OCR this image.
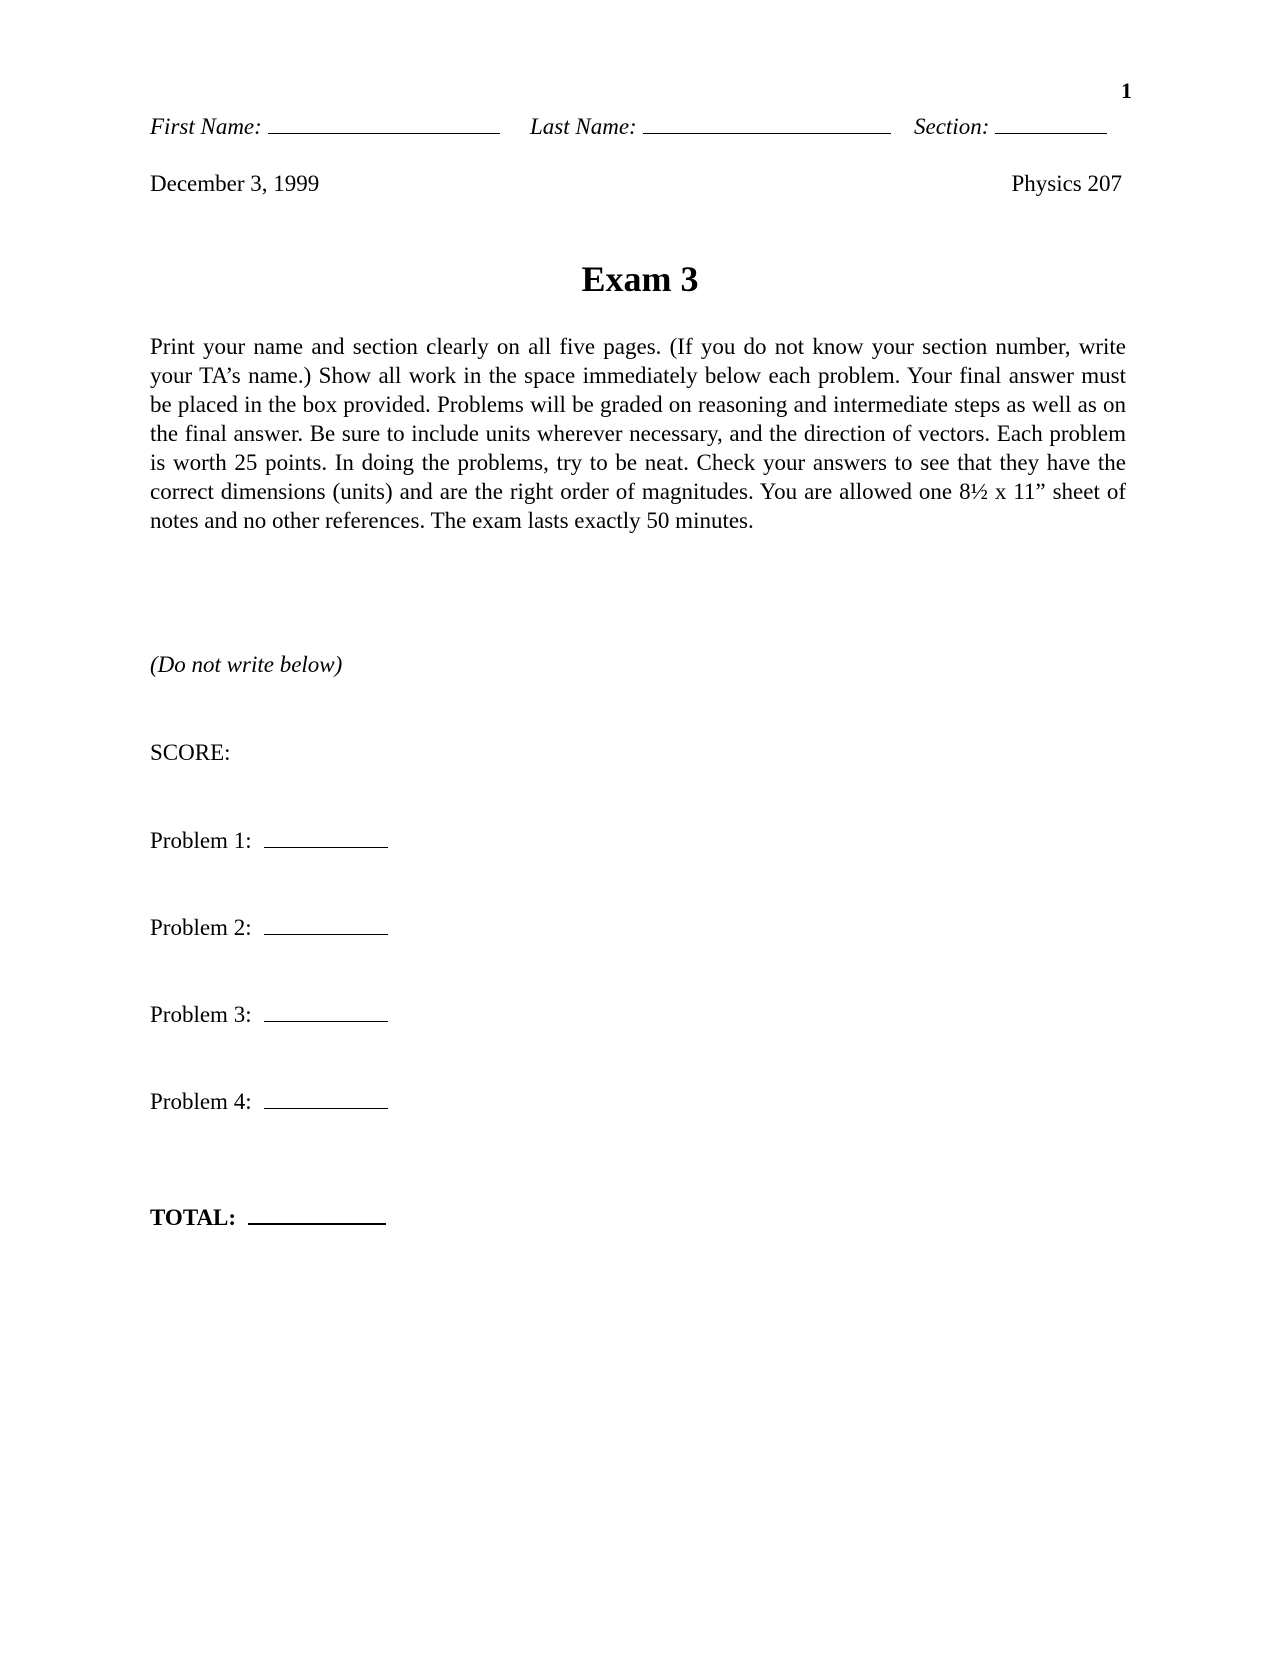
1
First Name:	Last Name:	Section:
December 3, 1999	Physics 207
Exam 3

Print your name and section clearly on all five pages. (If you do not know your section number, write your TA’s name.) Show all work in the space immediately below each problem. Your final answer must be placed in the box provided. Problems will be graded on reasoning and intermediate steps as well as on the final answer. Be sure to include units wherever necessary, and the direction of vectors. Each problem is worth 25 points. In doing the problems, try to be neat. Check your answers to see that they have the correct dimensions (units) and are the right order of magnitudes. You are allowed one 8½ x 11” sheet of notes and no other references. The exam lasts exactly 50 minutes.

(Do not write below)
SCORE:
Problem 1:
Problem 2:
Problem 3:
Problem 4:
TOTAL:
